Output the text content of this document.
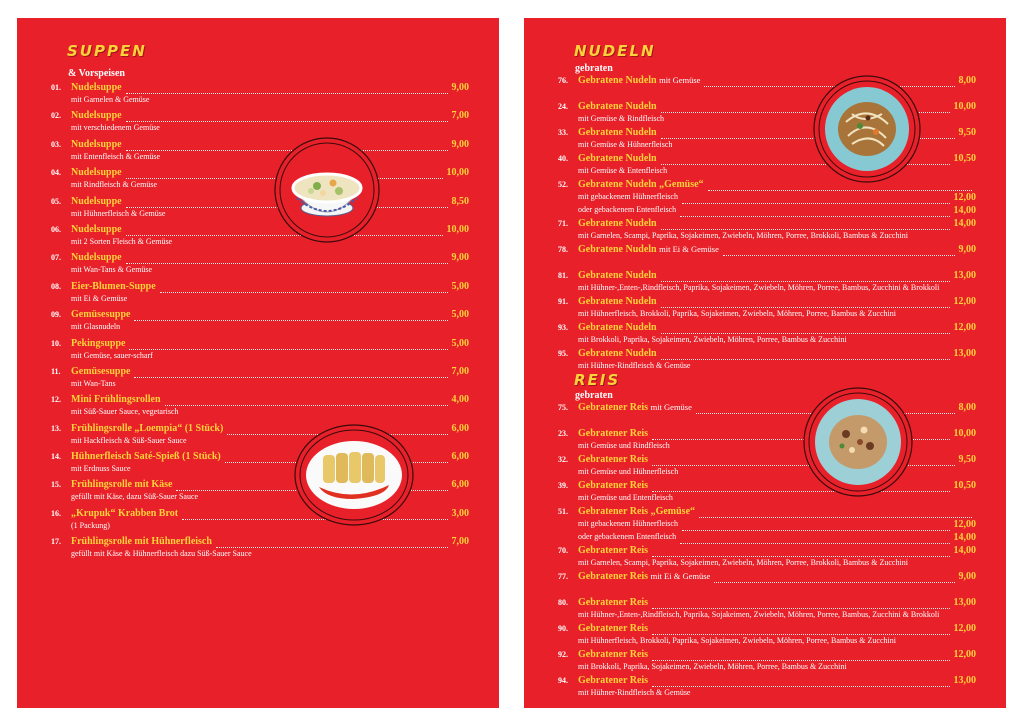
SUPPEN
& Vorspeisen
01. Nudelsuppe	9,00
mit Garnelen & Gemüse
02. Nudelsuppe	7,00
mit verschiedenem Gemüse
03. Nudelsuppe	9,00
mit Entenfleisch & Gemüse
04. Nudelsuppe	10,00
mit Rindfleisch & Gemüse
05. Nudelsuppe	8,50
mit Hühnerfleisch & Gemüse
06. Nudelsuppe	10,00
mit 2 Sorten Fleisch & Gemüse
07. Nudelsuppe	9,00
mit Wan-Tans & Gemüse
08. Eier-Blumen-Suppe	5,00
mit Ei & Gemüse
09. Gemüsesuppe	5,00
mit Glasnudeln
10. Pekingsuppe	5,00
mit Gemüse, sauer-scharf
11. Gemüsesuppe	7,00
mit Wan-Tans
12. Mini Frühlingsrollen	4,00
mit Süß-Sauer Sauce, vegetarisch
13. Frühlingsrolle „Loempia“ (1 Stück)	6,00
mit Hackfleisch & Süß-Sauer Sauce
14. Hühnerfleisch Saté-Spieß (1 Stück)	6,00
mit Erdnuss Sauce
15. Frühlingsrolle mit Käse	6,00
gefüllt mit Käse, dazu Süß-Sauer Sauce
16. „Krupuk“ Krabben Brot	3,00
(1 Packung)
17. Frühlingsrolle mit Hühnerfleisch	7,00
gefüllt mit Käse & Hühnerfleisch dazu Süß-Sauer Sauce
NUDELN
gebraten
76. Gebratene Nudeln mit Gemüse	8,00
24. Gebratene Nudeln	10,00
mit Gemüse & Rindfleisch
33. Gebratene Nudeln	9,50
mit Gemüse & Hühnerfleisch
40. Gebratene Nudeln	10,50
mit Gemüse & Entenfleisch
52. Gebratene Nudeln „Gemüse“
mit gebackenem Hühnerfleisch	12,00
oder gebackenem Entenfleisch	14,00
71. Gebratene Nudeln	14,00
mit Garnelen, Scampi, Paprika, Sojakeimen, Zwiebeln, Möhren, Porree, Brokkoli, Bambus & Zucchini
78. Gebratene Nudeln mit Ei & Gemüse	9,00
81. Gebratene Nudeln	13,00
mit Hühner-,Enten-,Rindfleisch, Paprika, Sojakeimen, Zwiebeln, Möhren, Porree, Bambus, Zucchini & Brokkoli
91. Gebratene Nudeln	12,00
mit Hühnerfleisch, Brokkoli, Paprika, Sojakeimen, Zwiebeln, Möhren, Porree, Bambus & Zucchini
93. Gebratene Nudeln	12,00
mit Brokkoli, Paprika, Sojakeimen, Zwiebeln, Möhren, Porree, Bambus & Zucchini
95. Gebratene Nudeln	13,00
mit Hühner-Rindfleisch & Gemüse
REIS
gebraten
75. Gebratener Reis mit Gemüse	8,00
23. Gebratener Reis	10,00
mit Gemüse und Rindfleisch
32. Gebratener Reis	9,50
mit Gemüse und Hühnerfleisch
39. Gebratener Reis	10,50
mit Gemüse und Entenfleisch
51. Gebratener Reis „Gemüse“
mit gebackenem Hühnerfleisch	12,00
oder gebackenem Entenfleisch	14,00
70. Gebratener Reis	14,00
mit Garnelen, Scampi, Paprika, Sojakeimen, Zwiebeln, Möhren, Porree, Brokkoli, Bambus & Zucchini
77. Gebratener Reis mit Ei & Gemüse	9,00
80. Gebratener Reis	13,00
mit Hühner-,Enten-,Rindfleisch, Paprika, Sojakeimen, Zwiebeln, Möhren, Porree, Bambus, Zucchini & Brokkoli
90. Gebratener Reis	12,00
mit Hühnerfleisch, Brokkoli, Paprika, Sojakeimen, Zwiebeln, Möhren, Porree, Bambus & Zucchini
92. Gebratener Reis	12,00
mit Brokkoli, Paprika, Sojakeimen, Zwiebeln, Möhren, Porree, Bambus & Zucchini
94. Gebratener Reis	13,00
mit Hühner-Rindfleisch & Gemüse
